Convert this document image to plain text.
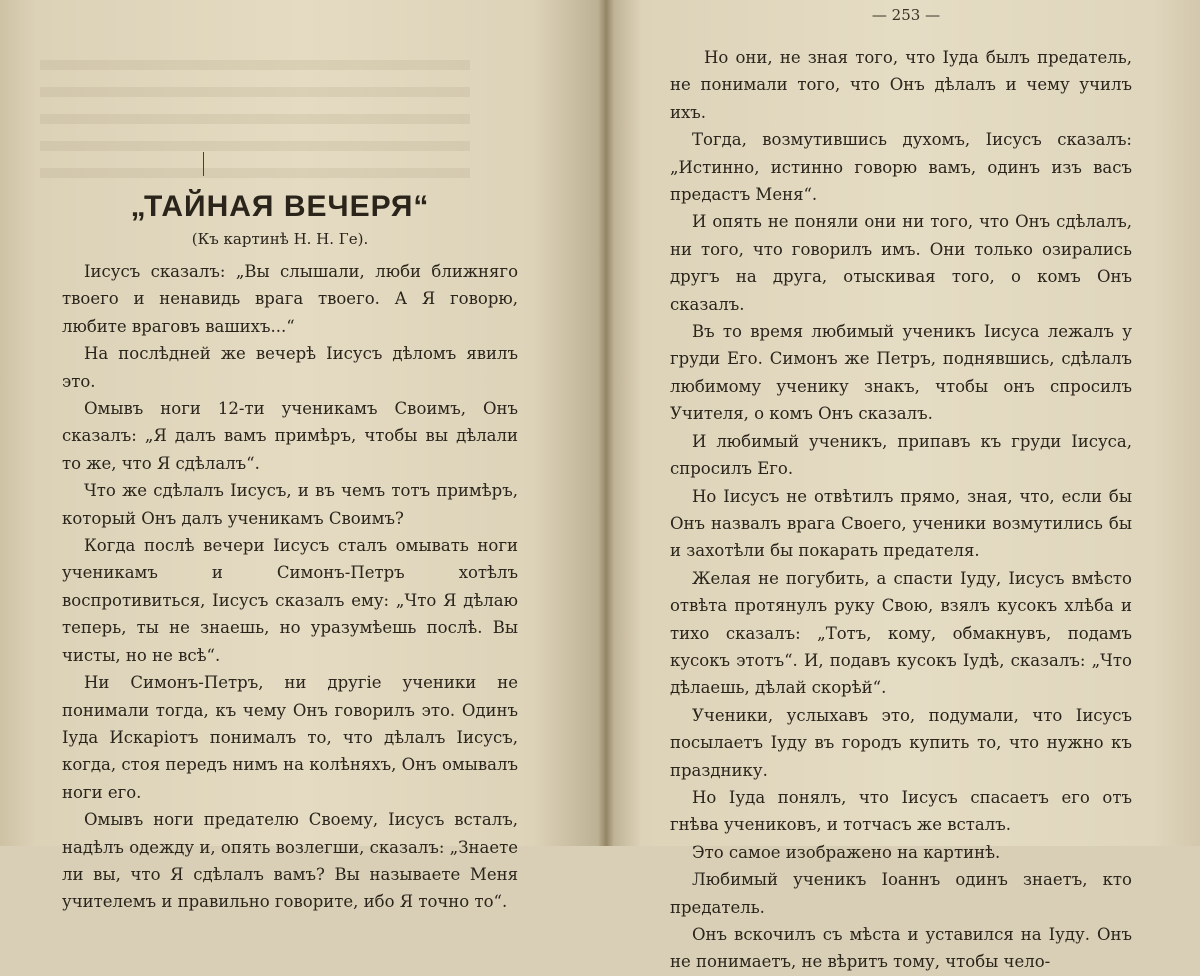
„ТАЙНАЯ ВЕЧЕРЯ“
(Къ картинѣ Н. Н. Ге).

Іисусъ сказалъ: „Вы слышали, люби ближняго твоего и ненавидь врага твоего. А Я говорю, любите враговъ вашихъ...“

На послѣдней же вечерѣ Іисусъ дѣломъ явилъ это.

Омывъ ноги 12-ти ученикамъ Своимъ, Онъ сказалъ: „Я далъ вамъ примѣръ, чтобы вы дѣлали то же, что Я сдѣлалъ“.

Что же сдѣлалъ Іисусъ, и въ чемъ тотъ примѣръ, который Онъ далъ ученикамъ Своимъ?

Когда послѣ вечери Іисусъ сталъ омывать ноги ученикамъ и Симонъ-Петръ хотѣлъ воспротивиться, Іисусъ сказалъ ему: „Что Я дѣлаю теперь, ты не знаешь, но уразумѣешь послѣ. Вы чисты, но не всѣ“.

Ни Симонъ-Петръ, ни другіе ученики не понимали тогда, къ чему Онъ говорилъ это. Одинъ Іуда Искаріотъ понималъ то, что дѣлалъ Іисусъ, когда, стоя передъ нимъ на колѣняхъ, Онъ омывалъ ноги его.

Омывъ ноги предателю Своему, Іисусъ всталъ, надѣлъ одежду и, опять возлегши, сказалъ: „Знаете ли вы, что Я сдѣлалъ вамъ? Вы называете Меня учителемъ и правильно говорите, ибо Я точно то“.

— 253 —

Но они, не зная того, что Іуда былъ предатель, не понимали того, что Онъ дѣлалъ и чему училъ ихъ.

Тогда, возмутившись духомъ, Іисусъ сказалъ: „Истинно, истинно говорю вамъ, одинъ изъ васъ предастъ Меня“.

И опять не поняли они ни того, что Онъ сдѣлалъ, ни того, что говорилъ имъ. Они только озирались другъ на друга, отыскивая того, о комъ Онъ сказалъ.

Въ то время любимый ученикъ Іисуса лежалъ у груди Его. Симонъ же Петръ, поднявшись, сдѣлалъ любимому ученику знакъ, чтобы онъ спросилъ Учителя, о комъ Онъ сказалъ.

И любимый ученикъ, припавъ къ груди Іисуса, спросилъ Его.

Но Іисусъ не отвѣтилъ прямо, зная, что, если бы Онъ назвалъ врага Своего, ученики возмутились бы и захотѣли бы покарать предателя.

Желая не погубить, а спасти Іуду, Іисусъ вмѣсто отвѣта протянулъ руку Свою, взялъ кусокъ хлѣба и тихо сказалъ: „Тотъ, кому, обмакнувъ, подамъ кусокъ этотъ“. И, подавъ кусокъ Іудѣ, сказалъ: „Что дѣлаешь, дѣлай скорѣй“.

Ученики, услыхавъ это, подумали, что Іисусъ посылаетъ Іуду въ городъ купить то, что нужно къ празднику.

Но Іуда понялъ, что Іисусъ спасаетъ его отъ гнѣва учениковъ, и тотчасъ же всталъ.

Это самое изображено на картинѣ.

Любимый ученикъ Іоаннъ одинъ знаетъ, кто предатель.

Онъ вскочилъ съ мѣста и уставился на Іуду. Онъ не понимаетъ, не вѣритъ тому, чтобы чело-
